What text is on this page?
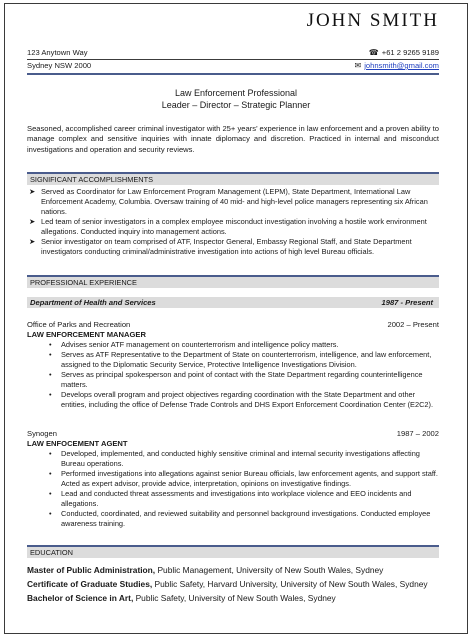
JOHN SMITH
123 Anytown Way	☎ +61 2 9265 9189
Sydney NSW 2000	✉ johnsmith@gmail.com
Law Enforcement Professional
Leader – Director – Strategic Planner
Seasoned, accomplished career criminal investigator with 25+ years’ experience in law enforcement and a proven ability to manage complex and sensitive inquiries with innate diplomacy and discretion. Practiced in internal and misconduct investigations and operation and security reviews.
SIGNIFICANT ACCOMPLISHMENTS
➤ Served as Coordinator for Law Enforcement Program Management (LEPM), State Department, International Law Enforcement Academy, Columbia. Oversaw training of 40 mid- and high-level police managers representing six African nations.
➤ Led team of senior investigators in a complex employee misconduct investigation involving a hostile work environment allegations. Conducted inquiry into management actions.
➤ Senior investigator on team comprised of ATF, Inspector General, Embassy Regional Staff, and State Department investigators conducting criminal/administrative investigation into actions of high level Bureau officials.
PROFESSIONAL EXPERIENCE
Department of Health and Services	1987 - Present
Office of Parks and Recreation	2002 – Present
LAW ENFORCEMENT MANAGER
• Advises senior ATF management on counterterrorism and intelligence policy matters.
• Serves as ATF Representative to the Department of State on counterterrorism, intelligence, and law enforcement, assigned to the Diplomatic Security Service, Protective Intelligence Investigations Division.
• Serves as principal spokesperson and point of contact with the State Department regarding counterintelligence matters.
• Develops overall program and project objectives regarding coordination with the State Department and other entities, including the office of Defense Trade Controls and DHS Export Enforcement Coordination Center (E2C2).
Synogen	1987 – 2002
LAW ENFOCEMENT AGENT
• Developed, implemented, and conducted highly sensitive criminal and internal security investigations affecting Bureau operations.
• Performed investigations into allegations against senior Bureau officials, law enforcement agents, and support staff. Acted as expert advisor, provide advice, interpretation, opinions on investigative findings.
• Lead and conducted threat assessments and investigations into workplace violence and EEO incidents and allegations.
• Conducted, coordinated, and reviewed suitability and personnel background investigations. Conducted employee awareness training.
EDUCATION
Master of Public Administration, Public Management, University of New South Wales, Sydney
Certificate of Graduate Studies, Public Safety, Harvard University, University of New South Wales, Sydney
Bachelor of Science in Art, Public Safety, University of New South Wales, Sydney
